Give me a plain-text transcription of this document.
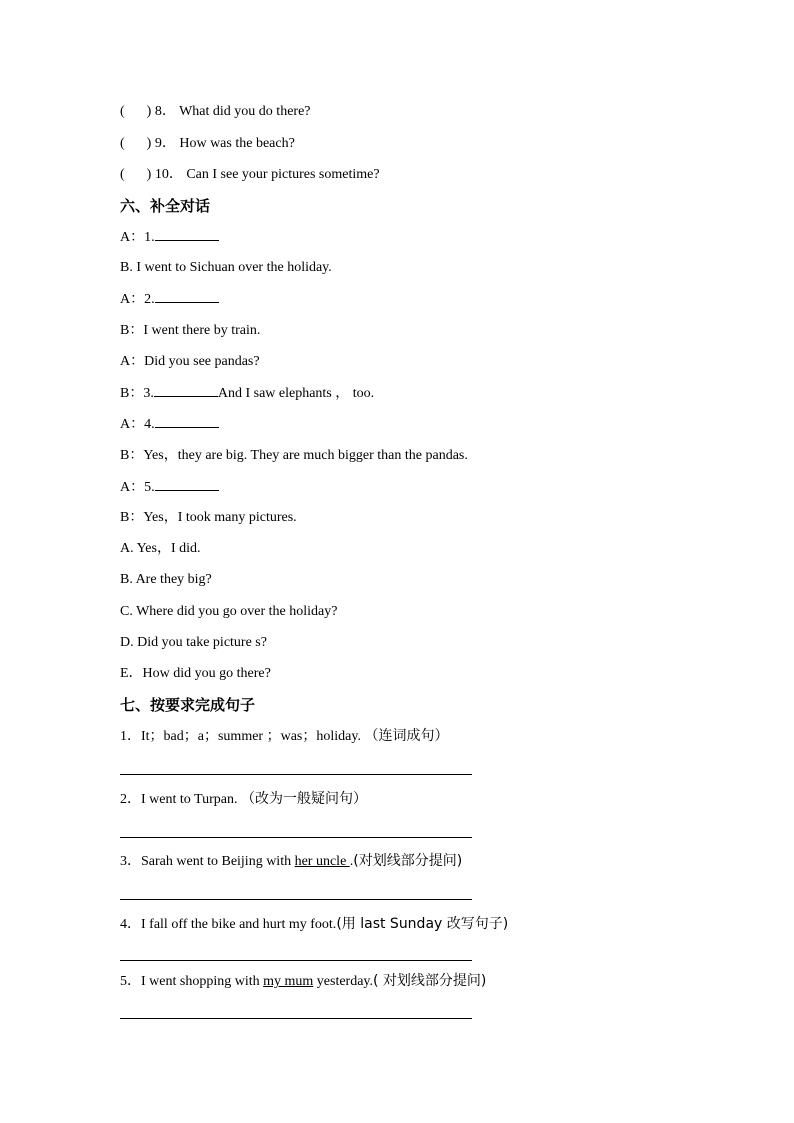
( ) 8． What did you do there?
( ) 9． How was the beach?
( ) 10． Can I see your pictures sometime?
六、补全对话
A：1.
B. I went to Sichuan over the holiday.
A：2.
B：I went there by train.
A：Did you see pandas?
B：3.	And I saw elephants ， too.
A：4.
B：Yes，they are big. They are much bigger than the pandas.
A：5.
B：Yes，I took many pictures.
A. Yes，I did.
B. Are they big?
C. Where did you go over the holiday?
D. Did you take picture s?
E．How did you go there?
七、按要求完成句子
1．It；bad；a；summer ；was；holiday. （连词成句）
2．I went to Turpan. （改为一般疑问句）
3．Sarah went to Beijing with her uncle .(对划线部分提问)
4．I fall off the bike and hurt my foot.(用 last Sunday 改写句子)
5．I went shopping with my mum yesterday.( 对划线部分提问)
